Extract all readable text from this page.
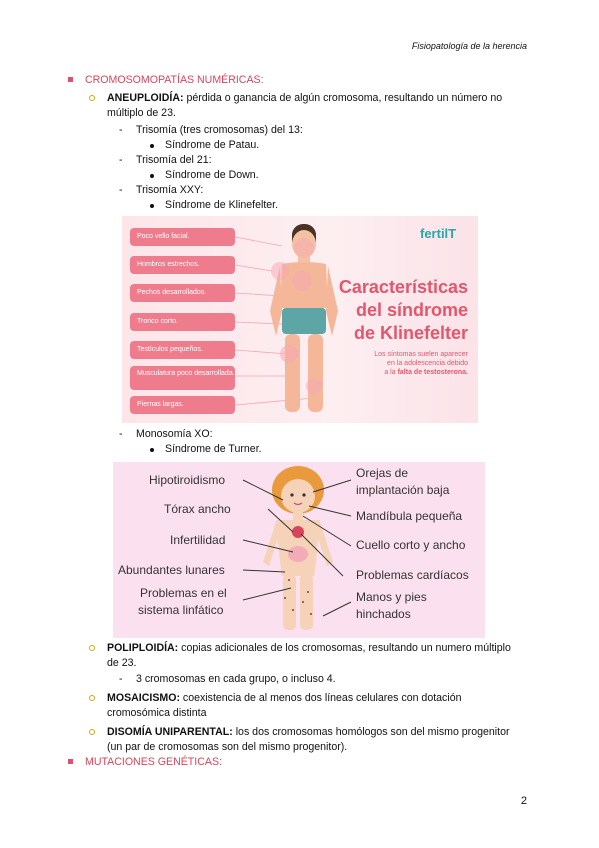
Fisiopatología de la herencia
CROMOSOMOPATÍAS NUMÉRICAS:
ANEUPLOIDÍA: pérdida o ganancia de algún cromosoma, resultando un número no
múltiplo de 23.
- Trisomía (tres cromosomas) del 13:
Síndrome de Patau.
- Trisomía del 21:
Síndrome de Down.
- Trisomía XXY:
Síndrome de Klinefelter.
Poco vello facial.
Hombros estrechos.
Pechos desarrollados.
Tronco corto.
Testículos pequeños.
Musculatura poco desarrollada.
Piernas largas.
fertilT
Características
del síndrome
de Klinefelter
Los síntomas suelen aparecer
en la adolescencia debido
a la falta de testosterona.
- Monosomía XO:
Síndrome de Turner.
Hipotiroidismo
Tórax ancho
Infertilidad
Abundantes lunares
Problemas en el
sistema linfático
Orejas de
implantación baja
Mandíbula pequeña
Cuello corto y ancho
Problemas cardíacos
Manos y pies
hinchados
POLIPLOIDÍA: copias adicionales de los cromosomas, resultando un numero múltiplo
de 23.
- 3 cromosomas en cada grupo, o incluso 4.
MOSAICISMO: coexistencia de al menos dos líneas celulares con dotación
cromosómica distinta
DISOMÍA UNIPARENTAL: los dos cromosomas homólogos son del mismo progenitor
(un par de cromosomas son del mismo progenitor).
MUTACIONES GENÉTICAS:
2
